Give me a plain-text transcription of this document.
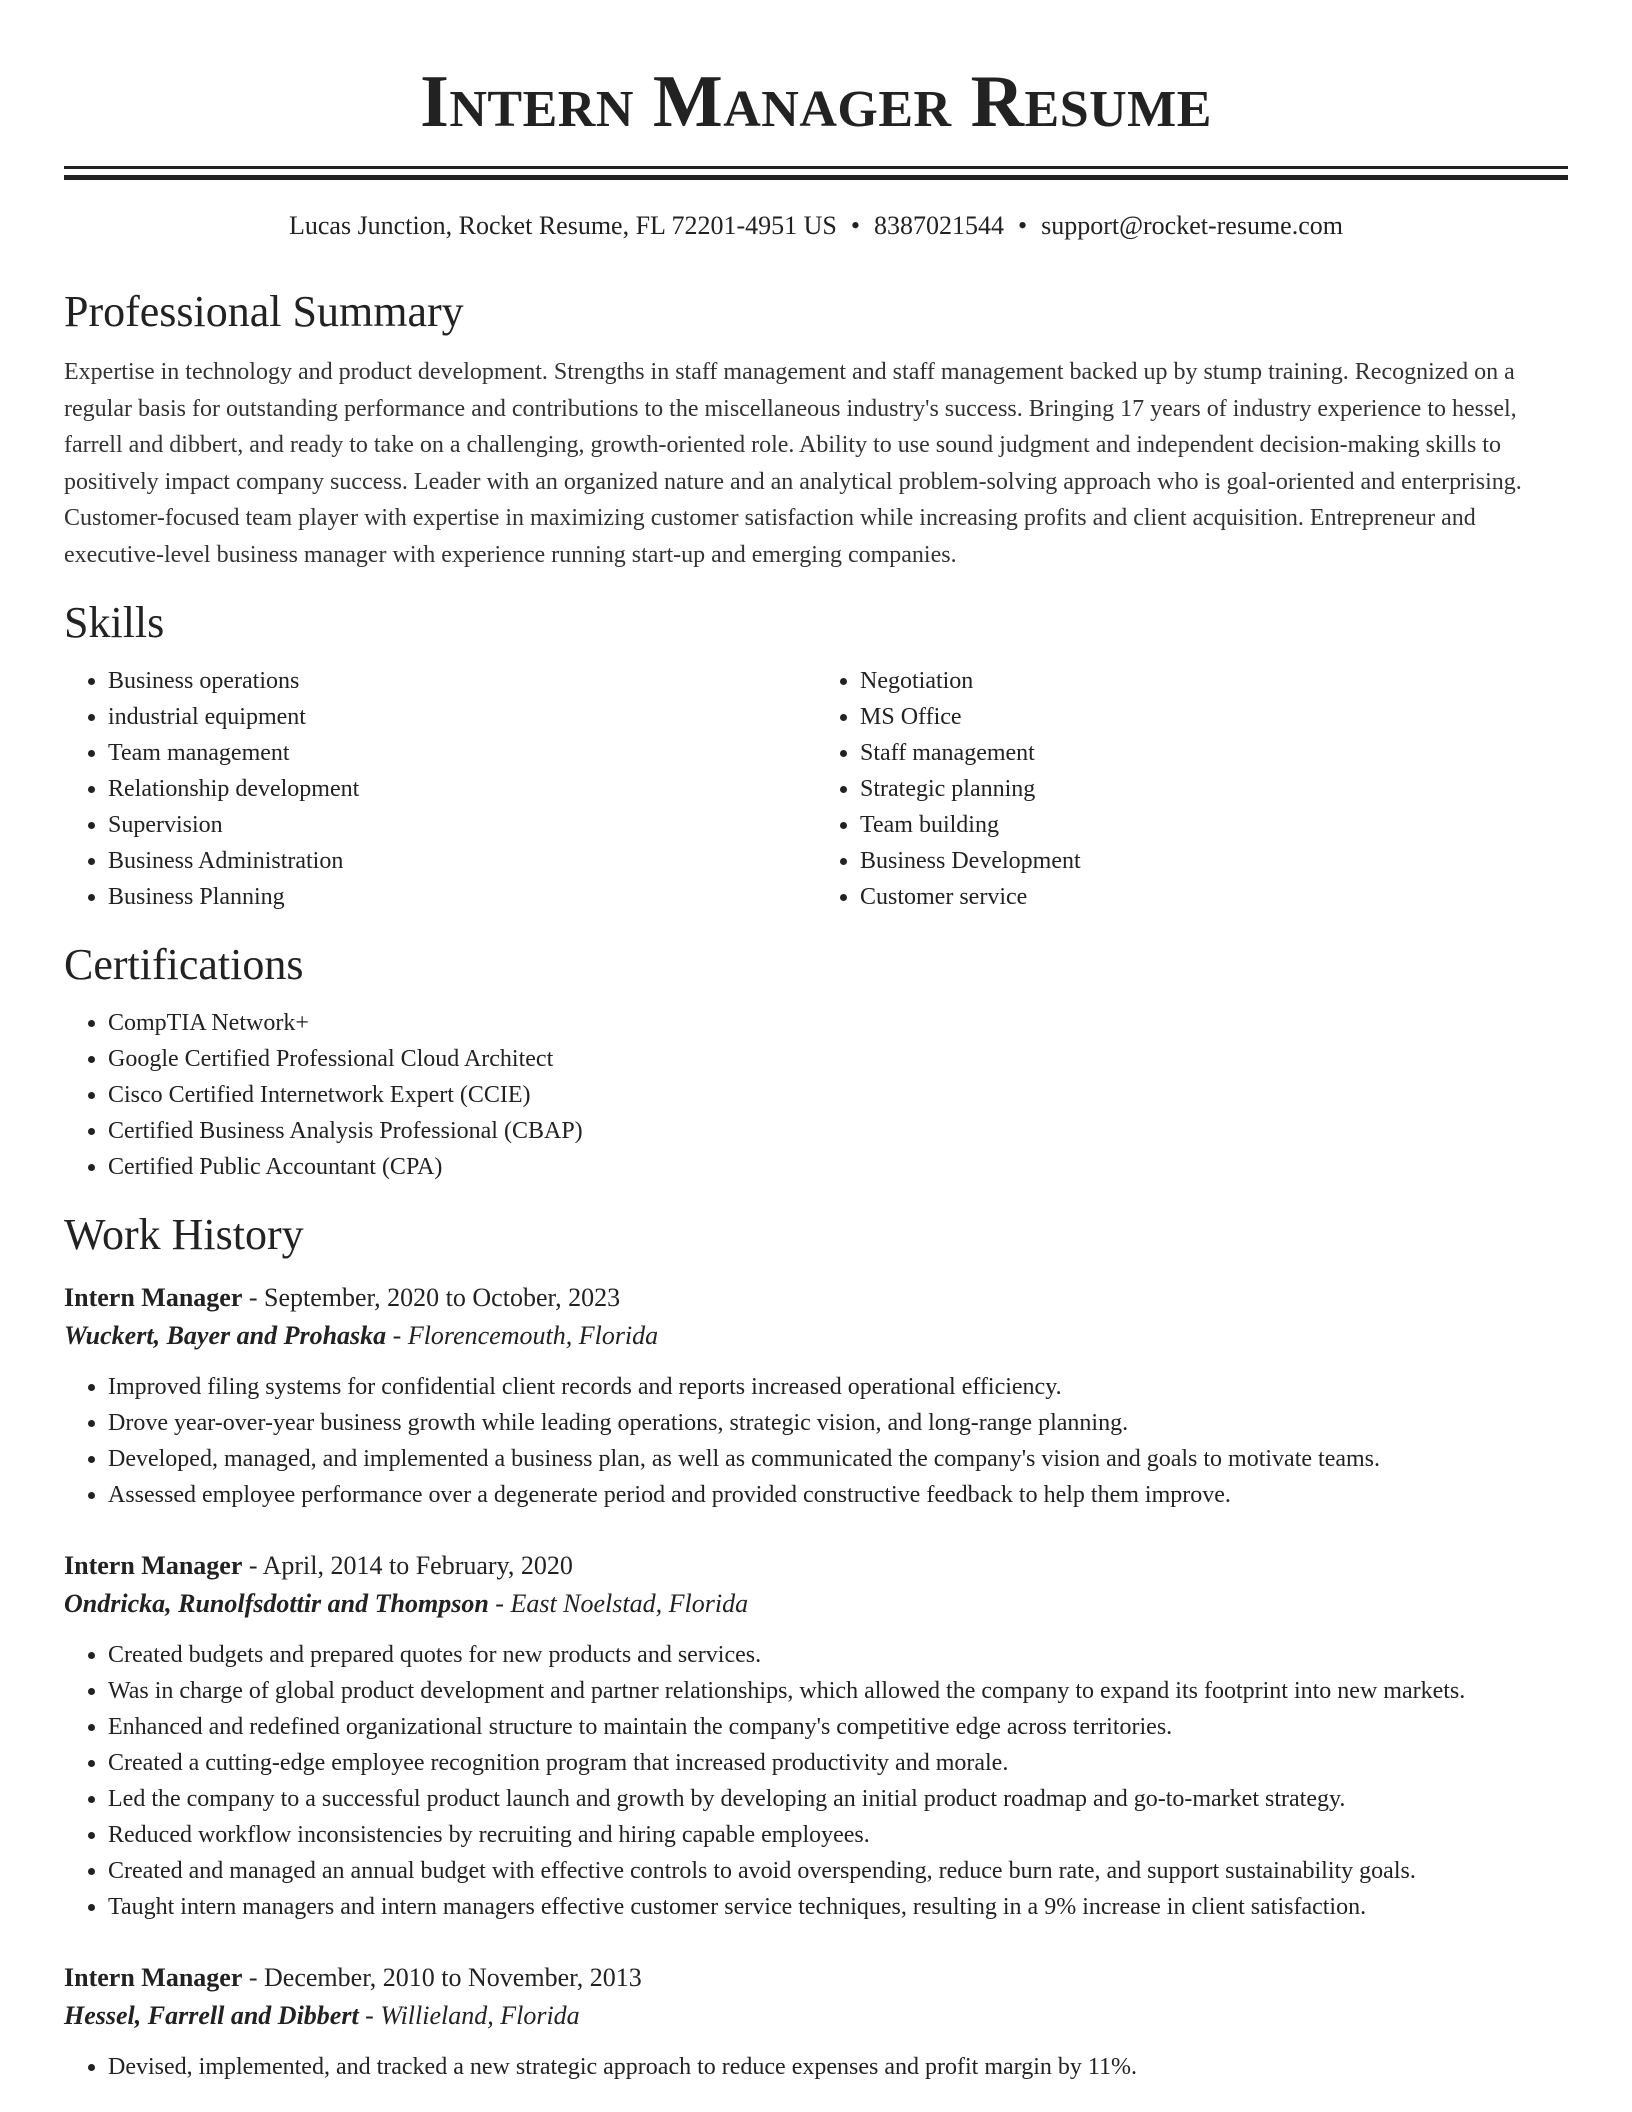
Intern Manager Resume
Lucas Junction, Rocket Resume, FL 72201-4951 US • 8387021544 • support@rocket-resume.com
Professional Summary

Expertise in technology and product development. Strengths in staff management and staff management backed up by stump training. Recognized on a regular basis for outstanding performance and contributions to the miscellaneous industry's success. Bringing 17 years of industry experience to hessel, farrell and dibbert, and ready to take on a challenging, growth-oriented role. Ability to use sound judgment and independent decision-making skills to positively impact company success. Leader with an organized nature and an analytical problem-solving approach who is goal-oriented and enterprising. Customer-focused team player with expertise in maximizing customer satisfaction while increasing profits and client acquisition. Entrepreneur and executive-level business manager with experience running start-up and emerging companies.

Skills
• Business operations
• industrial equipment
• Team management
• Relationship development
• Supervision
• Business Administration
• Business Planning
• Negotiation
• MS Office
• Staff management
• Strategic planning
• Team building
• Business Development
• Customer service
Certifications
• CompTIA Network+
• Google Certified Professional Cloud Architect
• Cisco Certified Internetwork Expert (CCIE)
• Certified Business Analysis Professional (CBAP)
• Certified Public Accountant (CPA)
Work History
Intern Manager - September, 2020 to October, 2023
Wuckert, Bayer and Prohaska - Florencemouth, Florida
• Improved filing systems for confidential client records and reports increased operational efficiency.
• Drove year-over-year business growth while leading operations, strategic vision, and long-range planning.
• Developed, managed, and implemented a business plan, as well as communicated the company's vision and goals to motivate teams.
• Assessed employee performance over a degenerate period and provided constructive feedback to help them improve.
Intern Manager - April, 2014 to February, 2020
Ondricka, Runolfsdottir and Thompson - East Noelstad, Florida
• Created budgets and prepared quotes for new products and services.
• Was in charge of global product development and partner relationships, which allowed the company to expand its footprint into new markets.
• Enhanced and redefined organizational structure to maintain the company's competitive edge across territories.
• Created a cutting-edge employee recognition program that increased productivity and morale.
• Led the company to a successful product launch and growth by developing an initial product roadmap and go-to-market strategy.
• Reduced workflow inconsistencies by recruiting and hiring capable employees.
• Created and managed an annual budget with effective controls to avoid overspending, reduce burn rate, and support sustainability goals.
• Taught intern managers and intern managers effective customer service techniques, resulting in a 9% increase in client satisfaction.
Intern Manager - December, 2010 to November, 2013
Hessel, Farrell and Dibbert - Willieland, Florida
• Devised, implemented, and tracked a new strategic approach to reduce expenses and profit margin by 11%.
